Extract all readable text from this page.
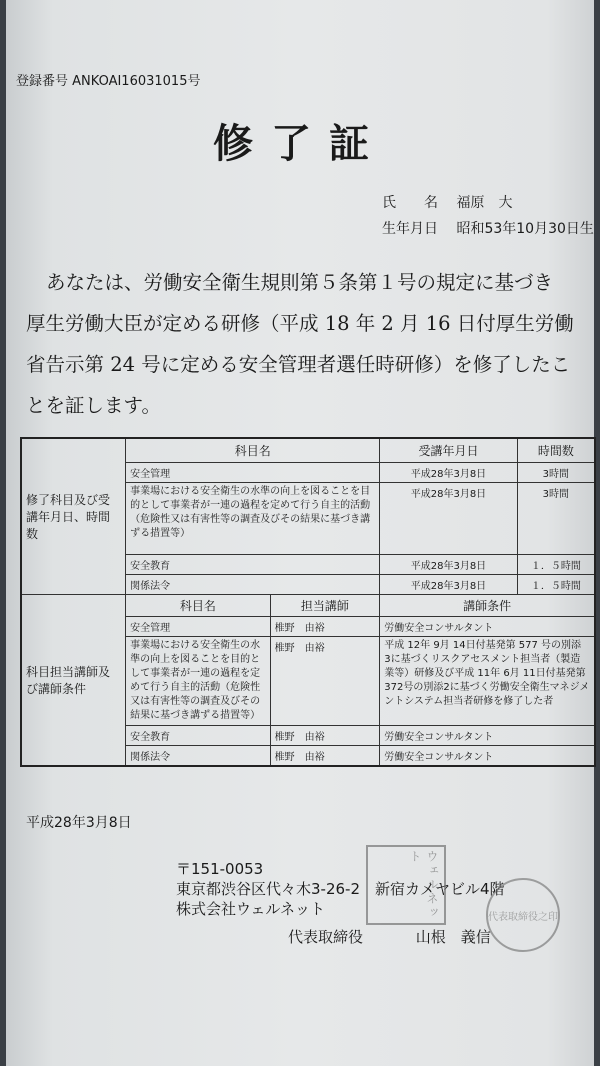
登録番号 ANKOAI16031015号
修了証
氏　　名 福原　大
生年月日 昭和53年10月30日生
あなたは、労働安全衛生規則第５条第１号の規定に基づき
厚生労働大臣が定める研修（平成 18 年 2 月 16 日付厚生労働
省告示第 24 号に定める安全管理者選任時研修）を修了したこ
とを証します。
修了科目及び受講年月日、時間数	科目名		受講年月日	時間数
	安全管理		平成28年3月8日	3時間
	事業場における安全衛生の水準の向上を図ることを目的として事業者が一連の過程を定めて行う自主的活動（危険性又は有害性等の調査及びその結果に基づき講ずる措置等）		平成28年3月8日	3時間
	安全教育		平成28年3月8日	１．５時間
	関係法令		平成28年3月8日	１．５時間
科目担当講師及び講師条件	科目名	担当講師	講師条件	
	安全管理	椎野　由裕	労働安全コンサルタント	
	事業場における安全衛生の水準の向上を図ることを目的として事業者が一連の過程を定めて行う自主的活動（危険性又は有害性等の調査及びその結果に基づき講ずる措置等）	椎野　由裕	平成 12年 9月 14日付基発第 577 号の別添 3に基づくリスクアセスメント担当者（製造業等）研修及び平成 11年 6月 11日付基発第 372号の別添2に基づく労働安全衛生マネジメントシステム担当者研修を修了した者	
	安全教育	椎野　由裕	労働安全コンサルタント	
	関係法令	椎野　由裕	労働安全コンサルタント	
平成28年3月8日
〒151-0053
東京都渋谷区代々木3-26-2　新宿カメヤビル4階
株式会社ウェルネット
代表取締役	山根　義信
ウェルネット
代表取締役之印
